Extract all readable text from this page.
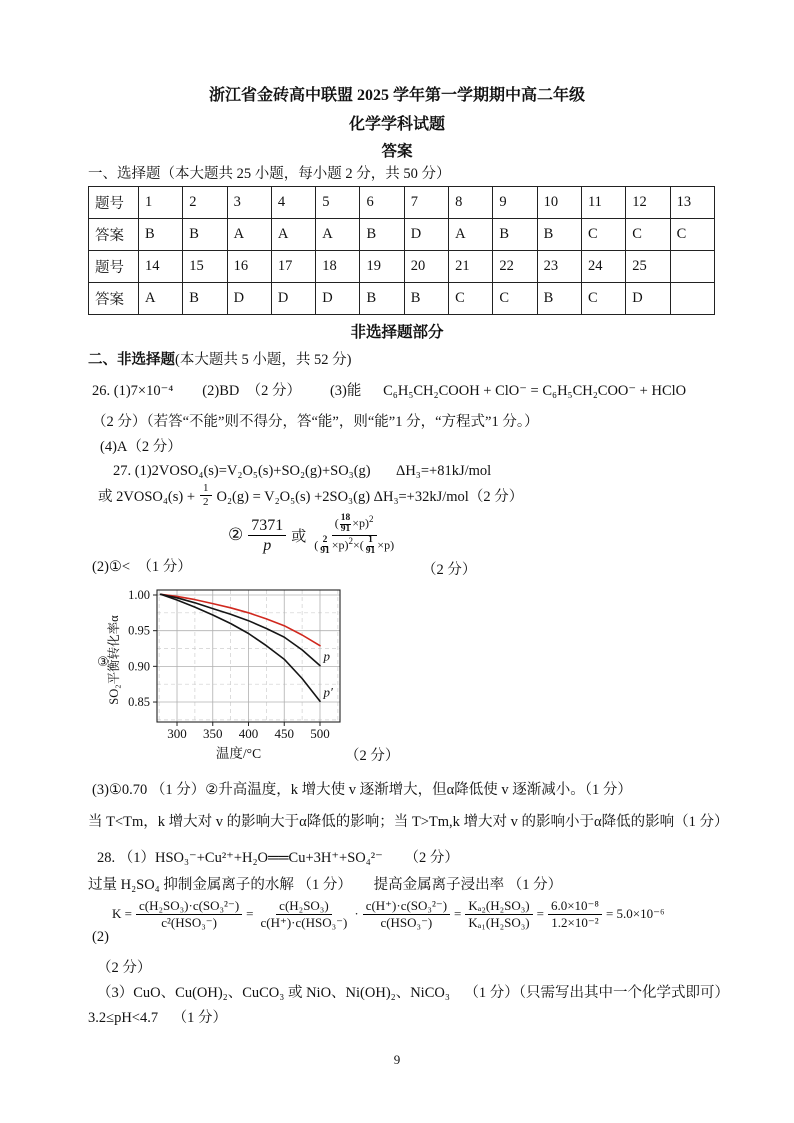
浙江省金砖高中联盟 2025 学年第一学期期中高二年级
化学学科试题
答案
一、选择题（本大题共 25 小题，每小题 2 分，共 50 分）
题号	1	2	3	4	5	6	7	8	9	10	11	12	13
答案	B	B	A	A	A	B	D	A	B	B	C	C	C
题号	14	15	16	17	18	19	20	21	22	23	24	25	
答案	A	B	D	D	D	B	B	C	C	B	C	D	
非选择题部分
二、非选择题(本大题共 5 小题，共 52 分)
26. (1)7×10⁻⁴        (2)BD  （2 分）        (3)能      C₆H₅CH₂COOH + ClO⁻ = C₆H₅CH₂COO⁻ + HClO
（2 分）（若答“不能”则不得分，答“能”，则“能”1 分，“方程式”1 分。）
(4)A（2 分）
27. (1)2VOSO₄(s)=V₂O₅(s)+SO₂(g)+SO₃(g)       ΔH₃=+81kJ/mol
或 2VOSO₄(s) + $\frac{1}{2} O_2(g) = V_2O_5(s) +2SO_3(g)$ ΔH₃=+32kJ/mol（2 分）
(2)①<　（1 分）
② $\frac{7371}{p}$ 或 $\frac{( \frac{18}{91} \times p)^2}{( \frac{2}{91} \times p)^2\times( \frac{1}{91} \times p)}$
（2 分）
p
p′
300 350 400 450 500
1.00
0.95
0.90
0.85
温度/°C
SO₂平衡转化率α
③
（2 分）
(3)①0.70 （1 分）②升高温度，k 增大使 v 逐渐增大，但α降低使 v 逐渐减小。（1 分）
当 T<Tm，k 增大对 v 的影响大于α降低的影响；当 T>Tm,k 增大对 v 的影响小于α降低的影响（1 分）
28. （1）HSO₃⁻+Cu²⁺+H₂O══Cu+3H⁺+SO₄²⁻      （2 分）
过量 H₂SO₄ 抑制金属离子的水解 （1 分）      提高金属离子浸出率 （1 分）
(2)
$K = \frac{\text{c(H₂SO₃)·c(SO₃²⁻)}}{\text{c²(HSO₃⁻)}} = \frac{\text{c(H₂SO₃)}}{\text{c(H⁺)·c(HSO₃⁻)}} \cdot \frac{\text{c(H⁺)·c(SO₃²⁻)}}{\text{c(HSO₃⁻)}} = \frac{\text{Kₐ₂(H₂SO₃)}}{\text{Kₐ₁(H₂SO₃)}} = \frac{\text{6.0×10⁻⁸}}{\text{1.2×10⁻²}} = 5.0\times 10^{-6}$
（2 分）
（3）CuO、Cu(OH)₂、CuCO₃ 或 NiO、Ni(OH)₂、NiCO₃    （1 分）（只需写出其中一个化学式即可）
3.2≤pH<4.7    （1 分）
9
